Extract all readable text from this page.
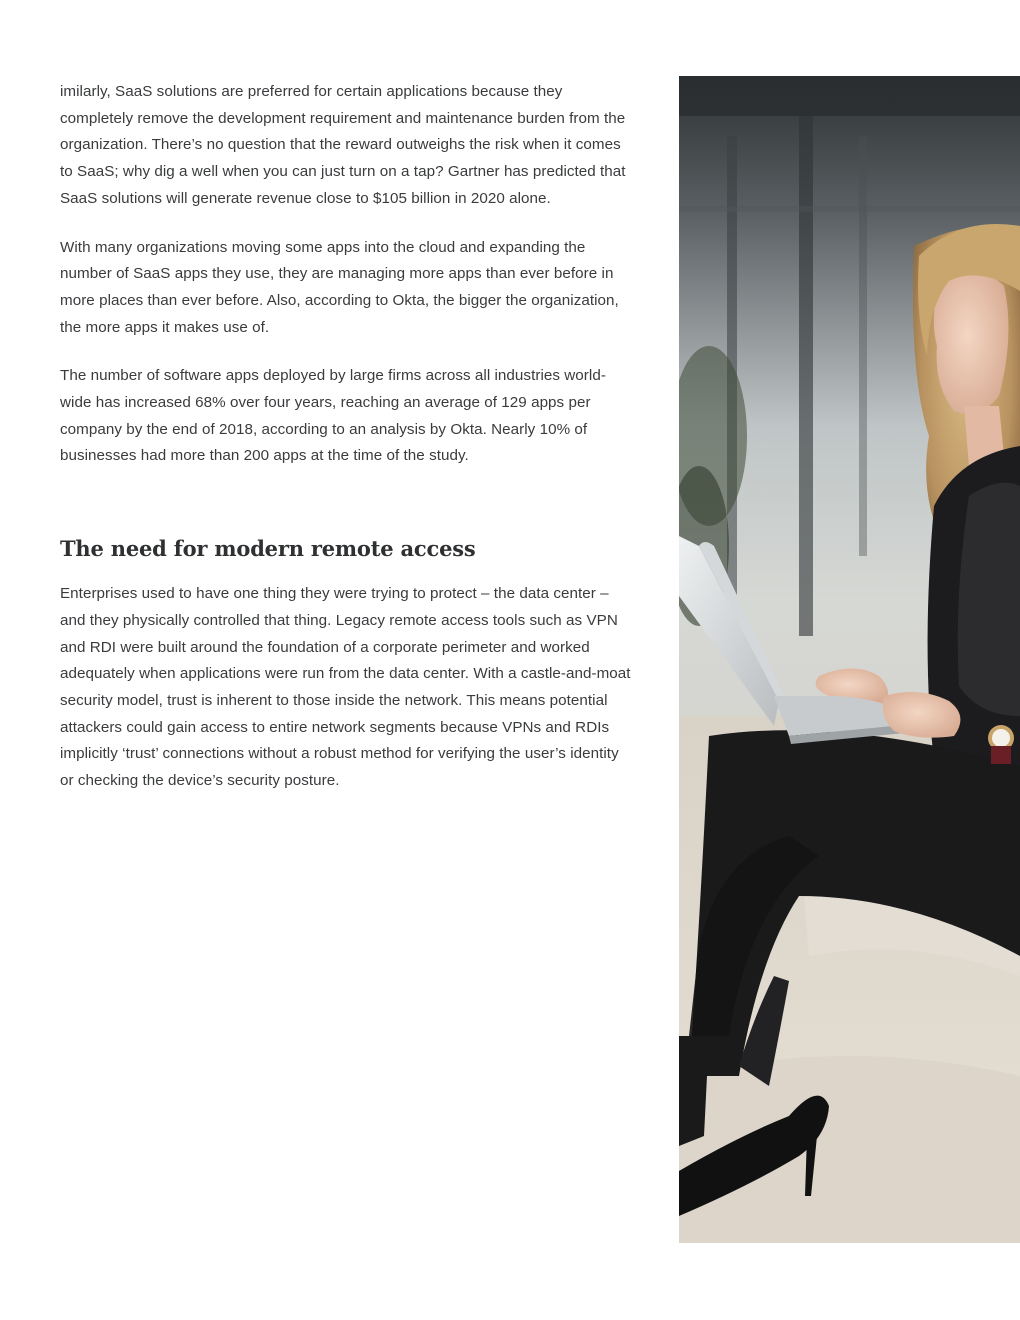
imilarly, SaaS solutions are preferred for certain applications because they completely remove the development requirement and maintenance burden from the organization. There’s no question that the reward outweighs the risk when it comes to SaaS; why dig a well when you can just turn on a tap? Gartner has predicted that SaaS solutions will generate revenue close to $105 billion in 2020 alone.

With many organizations moving some apps into the cloud and expanding the number of SaaS apps they use, they are managing more apps than ever before in more places than ever before. Also, according to Okta, the bigger the organization, the more apps it makes use of.

The number of software apps deployed by large firms across all industries world-wide has increased 68% over four years, reaching an average of 129 apps per company by the end of 2018, according to an analysis by Okta. Nearly 10% of businesses had more than 200 apps at the time of the study.

The need for modern remote access

Enterprises used to have one thing they were trying to protect – the data center – and they physically controlled that thing. Legacy remote access tools such as VPN and RDI were built around the foundation of a corporate perimeter and worked adequately when applications were run from the data center. With a castle-and-moat security model, trust is inherent to those inside the network. This means potential attackers could gain access to entire network segments because VPNs and RDIs implicitly ‘trust’ connections without a robust method for verifying the user’s identity or checking the device’s security posture.
